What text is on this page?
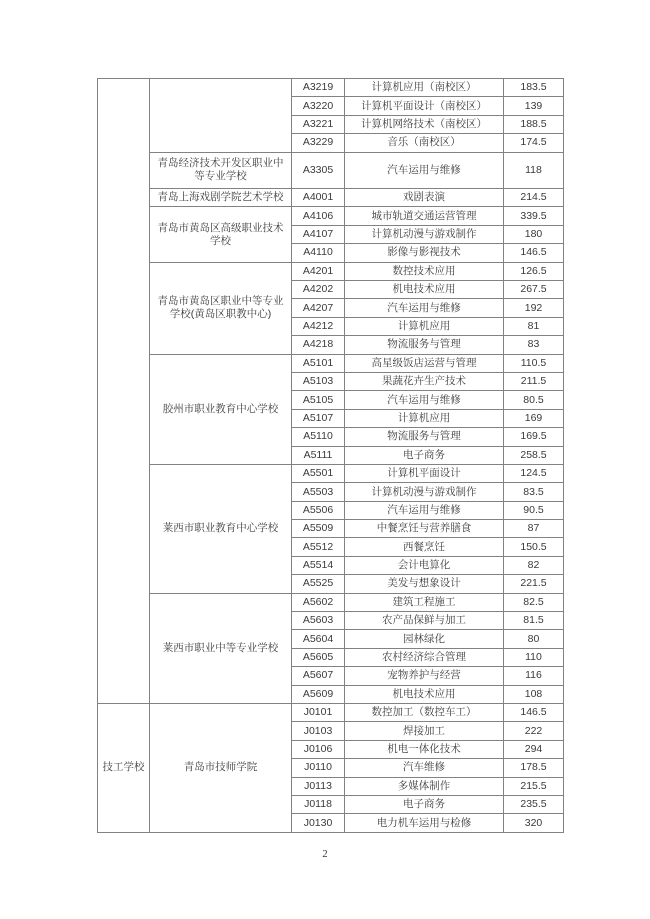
		A3219	计算机应用（南校区）	183.5
		A3220	计算机平面设计（南校区）	139
		A3221	计算机网络技术（南校区）	188.5
		A3229	音乐（南校区）	174.5
	青岛经济技术开发区职业中等专业学校	A3305	汽车运用与维修	118
	青岛上海戏剧学院艺术学校	A4001	戏剧表演	214.5
	青岛市黄岛区高级职业技术学校	A4106	城市轨道交通运营管理	339.5
		A4107	计算机动漫与游戏制作	180
		A4110	影像与影视技术	146.5
	青岛市黄岛区职业中等专业学校(黄岛区职教中心)	A4201	数控技术应用	126.5
		A4202	机电技术应用	267.5
		A4207	汽车运用与维修	192
		A4212	计算机应用	81
		A4218	物流服务与管理	83
	胶州市职业教育中心学校	A5101	高星级饭店运营与管理	110.5
		A5103	果蔬花卉生产技术	211.5
		A5105	汽车运用与维修	80.5
		A5107	计算机应用	169
		A5110	物流服务与管理	169.5
		A5111	电子商务	258.5
	莱西市职业教育中心学校	A5501	计算机平面设计	124.5
		A5503	计算机动漫与游戏制作	83.5
		A5506	汽车运用与维修	90.5
		A5509	中餐烹饪与营养膳食	87
		A5512	西餐烹饪	150.5
		A5514	会计电算化	82
		A5525	美发与想象设计	221.5
	莱西市职业中等专业学校	A5602	建筑工程施工	82.5
		A5603	农产品保鲜与加工	81.5
		A5604	园林绿化	80
		A5605	农村经济综合管理	110
		A5607	宠物养护与经营	116
		A5609	机电技术应用	108
技工学校	青岛市技师学院	J0101	数控加工（数控车工）	146.5
		J0103	焊接加工	222
		J0106	机电一体化技术	294
		J0110	汽车维修	178.5
		J0113	多媒体制作	215.5
		J0118	电子商务	235.5
		J0130	电力机车运用与检修	320
2
